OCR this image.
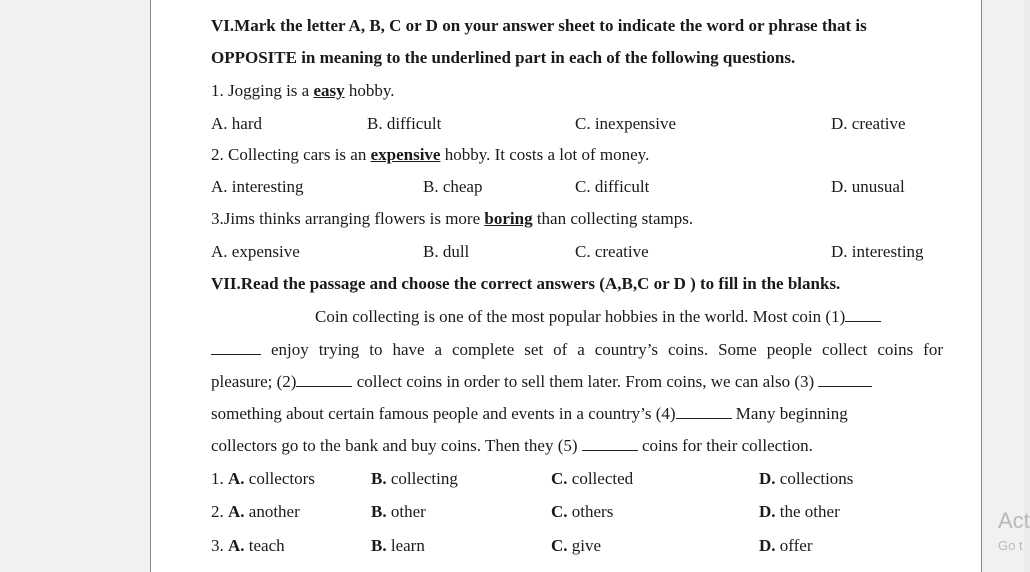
VI.Mark the letter A, B, C or D on your answer sheet to indicate the word or phrase that is
OPPOSITE in meaning to the underlined part in each of the following questions.
1. Jogging is a easy hobby.
A. hard	B. difficult	C. inexpensive	D. creative
2. Collecting cars is an expensive hobby. It costs a lot of money.
A. interesting	B. cheap	C. difficult	D. unusual
3.Jims thinks arranging flowers is more boring than collecting stamps.
A. expensive	B. dull	C. creative	D. interesting
VII.Read the passage and choose the correct answers (A,B,C or D ) to fill in the blanks.
Coin collecting is one of the most popular hobbies in the world. Most coin (1)
enjoy trying to have a complete set of a country’s coins. Some people collect coins for
pleasure; (2)	collect coins in order to sell them later. From coins, we can also (3)
something about certain famous people and events in a country’s (4)	Many beginning
collectors go to the bank and buy coins. Then they (5)	coins for their collection.
1. A. collectors	B. collecting	C. collected	D. collections
2. A. another	B. other	C. others	D. the other
3. A. teach	B. learn	C. give	D. offer
Act
Go t
